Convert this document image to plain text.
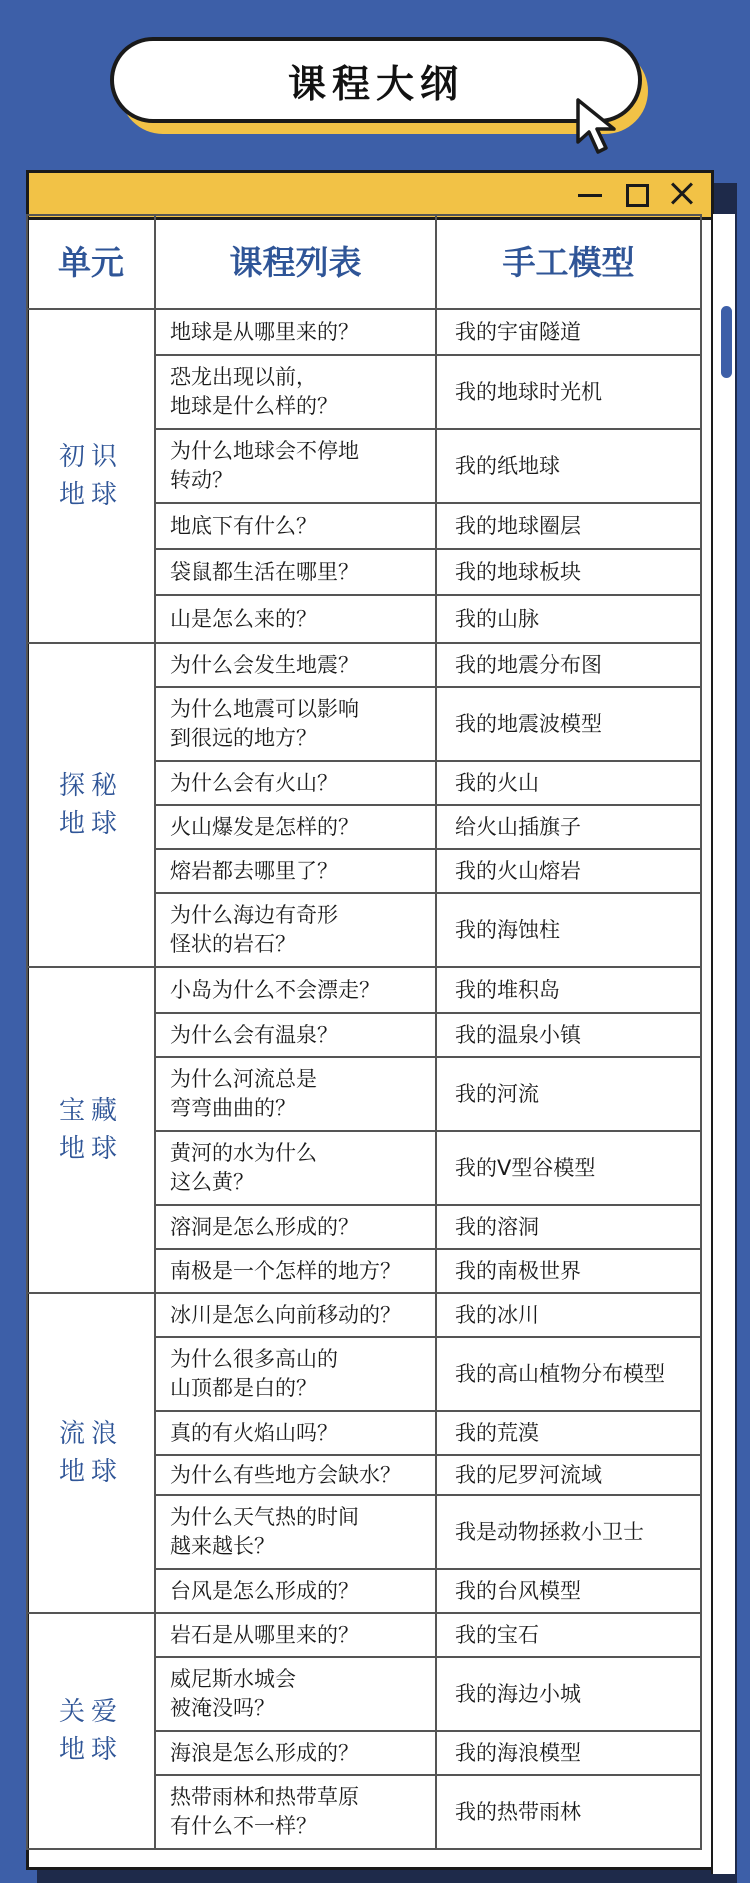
课程大纲
单元	课程列表	手工模型
初识
地球	地球是从哪里来的？	我的宇宙隧道
	恐龙出现以前，
地球是什么样的？	我的地球时光机
	为什么地球会不停地
转动？	我的纸地球
	地底下有什么？	我的地球圈层
	袋鼠都生活在哪里？	我的地球板块
	山是怎么来的？	我的山脉
探秘
地球	为什么会发生地震？	我的地震分布图
	为什么地震可以影响
到很远的地方？	我的地震波模型
	为什么会有火山？	我的火山
	火山爆发是怎样的？	给火山插旗子
	熔岩都去哪里了？	我的火山熔岩
	为什么海边有奇形
怪状的岩石？	我的海蚀柱
宝藏
地球	小岛为什么不会漂走？	我的堆积岛
	为什么会有温泉？	我的温泉小镇
	为什么河流总是
弯弯曲曲的？	我的河流
	黄河的水为什么
这么黄？	我的V型谷模型
	溶洞是怎么形成的？	我的溶洞
	南极是一个怎样的地方？	我的南极世界
流浪
地球	冰川是怎么向前移动的？	我的冰川
	为什么很多高山的
山顶都是白的？	我的高山植物分布模型
	真的有火焰山吗？	我的荒漠
	为什么有些地方会缺水？	我的尼罗河流域
	为什么天气热的时间
越来越长？	我是动物拯救小卫士
	台风是怎么形成的？	我的台风模型
关爱
地球	岩石是从哪里来的？	我的宝石
	威尼斯水城会
被淹没吗？	我的海边小城
	海浪是怎么形成的？	我的海浪模型
	热带雨林和热带草原
有什么不一样？	我的热带雨林
